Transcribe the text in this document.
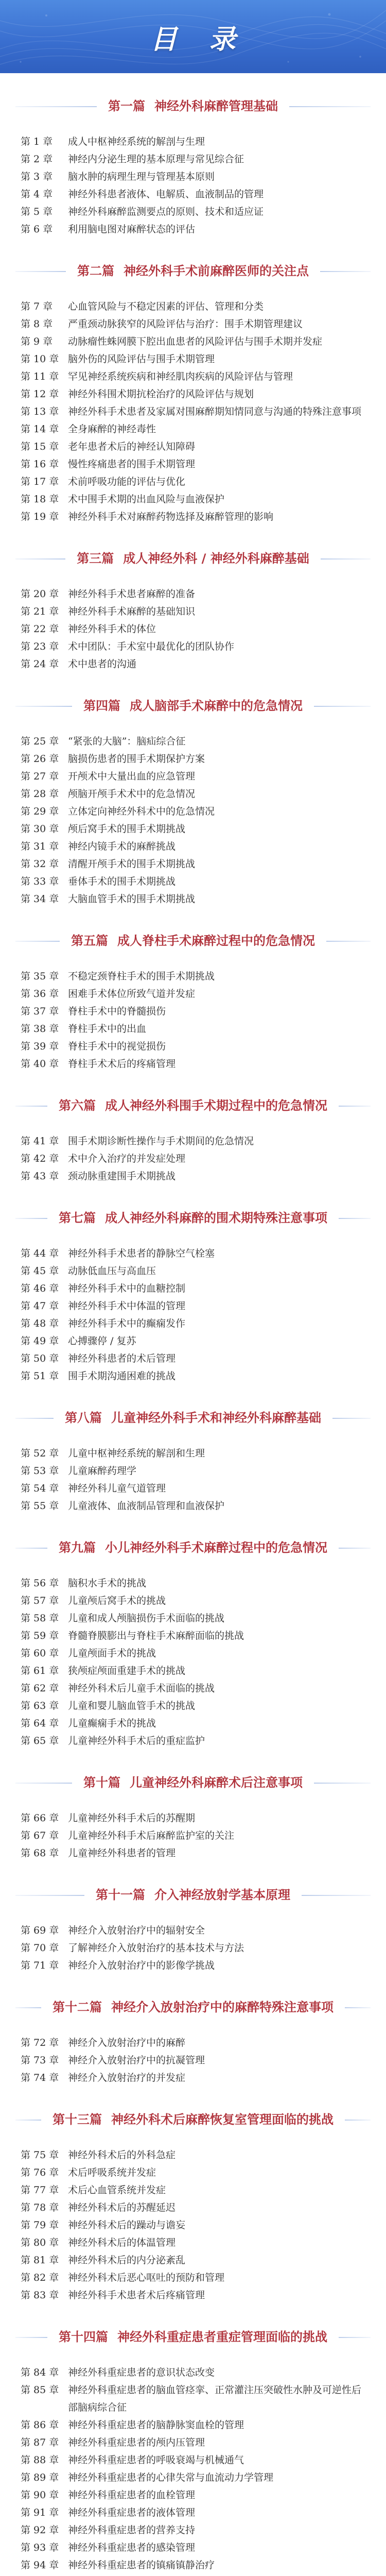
目 录
第一篇 神经外科麻醉管理基础
第 1 章	成人中枢神经系统的解剖与生理
第 2 章	神经内分泌生理的基本原理与常见综合征
第 3 章	脑水肿的病理生理与管理基本原则
第 4 章	神经外科患者液体、电解质、血液制品的管理
第 5 章	神经外科麻醉监测要点的原则、技术和适应证
第 6 章	利用脑电图对麻醉状态的评估
第二篇 神经外科手术前麻醉医师的关注点
第 7 章	心血管风险与不稳定因素的评估、管理和分类
第 8 章	严重颈动脉狭窄的风险评估与治疗：围手术期管理建议
第 9 章	动脉瘤性蛛网膜下腔出血患者的风险评估与围手术期并发症
第 10 章 脑外伤的风险评估与围手术期管理
第 11 章 罕见神经系统疾病和神经肌肉疾病的风险评估与管理
第 12 章 神经外科围术期抗栓治疗的风险评估与规划
第 13 章 神经外科手术患者及家属对围麻醉期知情同意与沟通的特殊注意事项
第 14 章 全身麻醉的神经毒性
第 15 章 老年患者术后的神经认知障碍
第 16 章 慢性疼痛患者的围手术期管理
第 17 章 术前呼吸功能的评估与优化
第 18 章 术中围手术期的出血风险与血液保护
第 19 章 神经外科手术对麻醉药物选择及麻醉管理的影响
第三篇 成人神经外科 / 神经外科麻醉基础
第 20 章 神经外科手术患者麻醉的准备
第 21 章 神经外科手术麻醉的基础知识
第 22 章 神经外科手术的体位
第 23 章 术中团队：手术室中最优化的团队协作
第 24 章 术中患者的沟通
第四篇 成人脑部手术麻醉中的危急情况
第 25 章 “紧张的大脑”：脑疝综合征
第 26 章 脑损伤患者的围手术期保护方案
第 27 章 开颅术中大量出血的应急管理
第 28 章 颅脑开颅手术术中的危急情况
第 29 章 立体定向神经外科术中的危急情况
第 30 章 颅后窝手术的围手术期挑战
第 31 章 神经内镜手术的麻醉挑战
第 32 章 清醒开颅手术的围手术期挑战
第 33 章 垂体手术的围手术期挑战
第 34 章 大脑血管手术的围手术期挑战
第五篇 成人脊柱手术麻醉过程中的危急情况
第 35 章 不稳定颈脊柱手术的围手术期挑战
第 36 章 困难手术体位所致气道并发症
第 37 章 脊柱手术中的脊髓损伤
第 38 章 脊柱手术中的出血
第 39 章 脊柱手术中的视觉损伤
第 40 章 脊柱手术术后的疼痛管理
第六篇 成人神经外科围手术期过程中的危急情况
第 41 章 围手术期诊断性操作与手术期间的危急情况
第 42 章 术中介入治疗的并发症处理
第 43 章 颈动脉重建围手术期挑战
第七篇 成人神经外科麻醉的围术期特殊注意事项
第 44 章 神经外科手术患者的静脉空气栓塞
第 45 章 动脉低血压与高血压
第 46 章 神经外科手术中的血糖控制
第 47 章 神经外科手术中体温的管理
第 48 章 神经外科手术中的癫痫发作
第 49 章 心搏骤停 / 复苏
第 50 章 神经外科患者的术后管理
第 51 章 围手术期沟通困难的挑战
第八篇 儿童神经外科手术和神经外科麻醉基础
第 52 章 儿童中枢神经系统的解剖和生理
第 53 章 儿童麻醉药理学
第 54 章 神经外科儿童气道管理
第 55 章 儿童液体、血液制品管理和血液保护
第九篇 小儿神经外科手术麻醉过程中的危急情况
第 56 章 脑积水手术的挑战
第 57 章 儿童颅后窝手术的挑战
第 58 章 儿童和成人颅脑损伤手术面临的挑战
第 59 章 脊髓脊膜膨出与脊柱手术麻醉面临的挑战
第 60 章 儿童颅面手术的挑战
第 61 章 狭颅症颅面重建手术的挑战
第 62 章 神经外科术后儿童手术面临的挑战
第 63 章 儿童和婴儿脑血管手术的挑战
第 64 章 儿童癫痫手术的挑战
第 65 章 儿童神经外科手术后的重症监护
第十篇 儿童神经外科麻醉术后注意事项
第 66 章 儿童神经外科手术后的苏醒期
第 67 章 儿童神经外科手术后麻醉监护室的关注
第 68 章 儿童神经外科患者的管理
第十一篇 介入神经放射学基本原理
第 69 章 神经介入放射治疗中的辐射安全
第 70 章 了解神经介入放射治疗的基本技术与方法
第 71 章 神经介入放射治疗中的影像学挑战
第十二篇 神经介入放射治疗中的麻醉特殊注意事项
第 72 章 神经介入放射治疗中的麻醉
第 73 章 神经介入放射治疗中的抗凝管理
第 74 章 神经介入放射治疗的并发症
第十三篇 神经外科术后麻醉恢复室管理面临的挑战
第 75 章 神经外科术后的外科急症
第 76 章 术后呼吸系统并发症
第 77 章 术后心血管系统并发症
第 78 章 神经外科术后的苏醒延迟
第 79 章 神经外科术后的躁动与谵妄
第 80 章 神经外科术后的体温管理
第 81 章 神经外科术后的内分泌紊乱
第 82 章 神经外科术后恶心呕吐的预防和管理
第 83 章 神经外科手术患者术后疼痛管理
第十四篇 神经外科重症患者重症管理面临的挑战
第 84 章 神经外科重症患者的意识状态改变
第 85 章 神经外科重症患者的脑血管痉挛、正常灌注压突破性水肿及可逆性后部脑病综合征
第 86 章 神经外科重症患者的脑静脉窦血栓的管理
第 87 章 神经外科重症患者的颅内压管理
第 88 章 神经外科重症患者的呼吸衰竭与机械通气
第 89 章 神经外科重症患者的心律失常与血流动力学管理
第 90 章 神经外科重症患者的血栓管理
第 91 章 神经外科重症患者的液体管理
第 92 章 神经外科重症患者的营养支持
第 93 章 神经外科重症患者的感染管理
第 94 章 神经外科重症患者的镇痛镇静治疗
